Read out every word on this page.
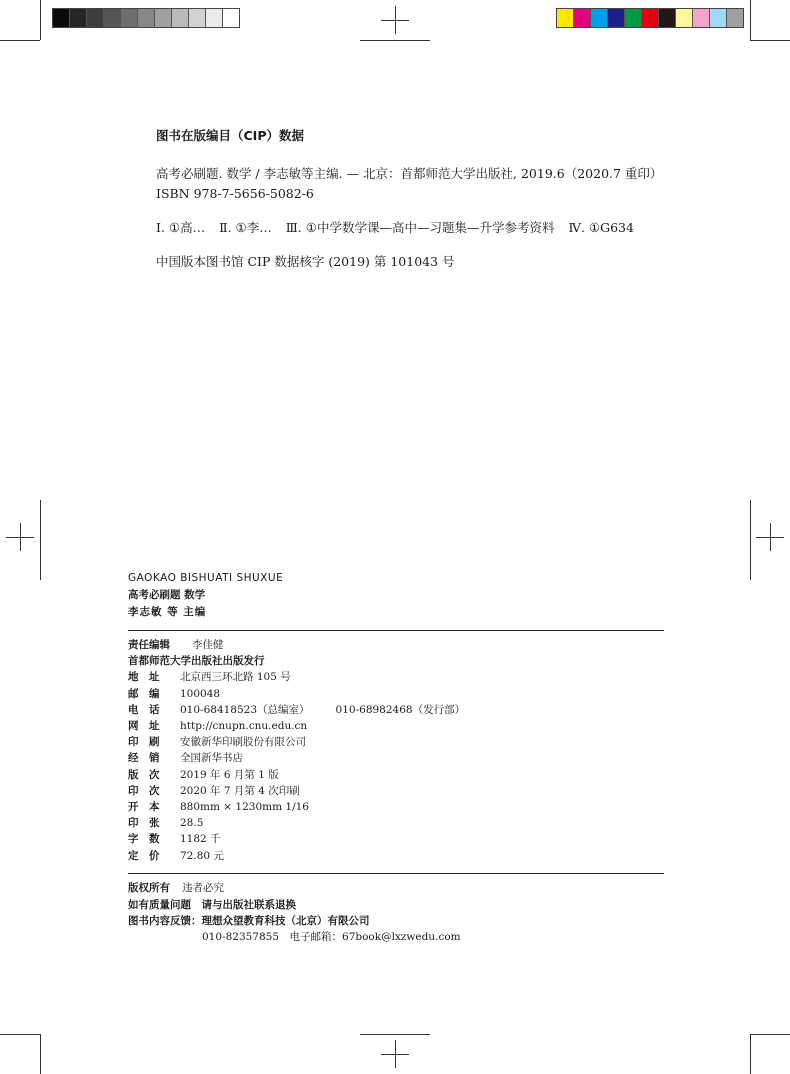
图书在版编目（CIP）数据
高考必刷题. 数学 / 李志敏等主编. — 北京：首都师范大学出版社, 2019.6（2020.7 重印）
ISBN 978-7-5656-5082-6
Ⅰ. ①高… Ⅱ. ①李… Ⅲ. ①中学数学课—高中—习题集—升学参考资料 Ⅳ. ①G634
中国版本图书馆 CIP 数据核字 (2019) 第 101043 号
GAOKAO BISHUATI SHUXUE
高考必刷题 数学
李志敏 等 主编
责任编辑	李佳健
首都师范大学出版社出版发行
地　址	北京西三环北路 105 号
邮　编	100048
电　话	010-68418523（总编室） 010-68982468（发行部）
网　址	http://cnupn.cnu.edu.cn
印　刷	安徽新华印刷股份有限公司
经　销	全国新华书店
版　次	2019 年 6 月第 1 版
印　次	2020 年 7 月第 4 次印刷
开　本	880mm × 1230mm 1/16
印　张	28.5
字　数	1182 千
定　价	72.80 元
版权所有 违者必究
如有质量问题　请与出版社联系退换
图书内容反馈：理想众望教育科技（北京）有限公司
010-82357855　电子邮箱：67book@lxzwedu.com
